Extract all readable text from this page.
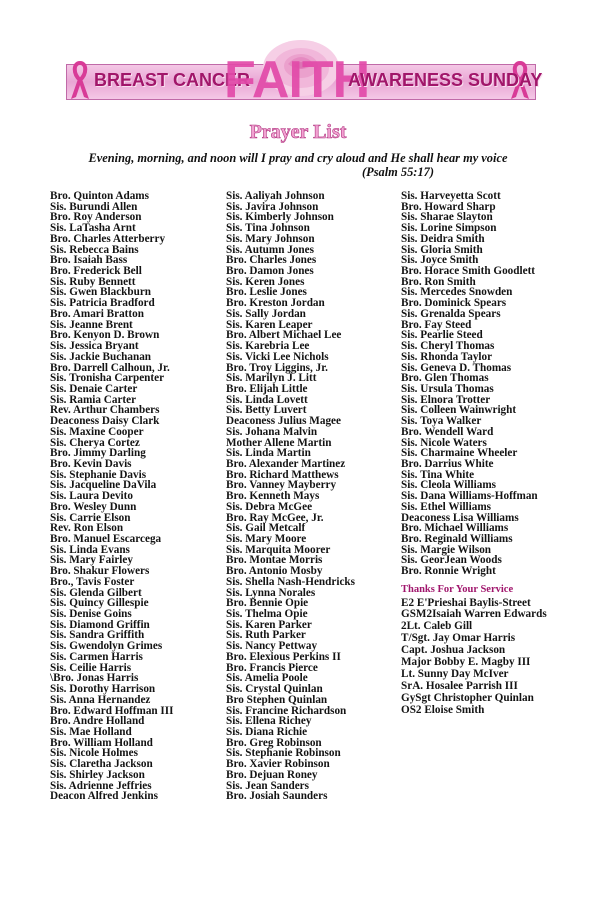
BREAST CANCER
FAITH
AWARENESS SUNDAY
Prayer List
Evening, morning, and noon will I pray and cry aloud and He shall hear my voice
(Psalm 55:17)
Bro. Quinton Adams
Sis. Burundi Allen
Bro. Roy Anderson
Sis. LaTasha Arnt
Bro. Charles Atterberry
Sis. Rebecca Bains
Bro. Isaiah Bass
Bro. Frederick Bell
Sis. Ruby Bennett
Sis. Gwen Blackburn
Sis. Patricia Bradford
Bro. Amari Bratton
Sis. Jeanne Brent
Bro. Kenyon D. Brown
Sis. Jessica Bryant
Sis. Jackie Buchanan
Bro. Darrell Calhoun, Jr.
Sis. Tronisha Carpenter
Sis. Denaie Carter
Sis. Ramia Carter
Rev. Arthur Chambers
Deaconess Daisy Clark
Sis. Maxine Cooper
Sis. Cherya Cortez
Bro. Jimmy Darling
Bro. Kevin Davis
Sis. Stephanie Davis
Sis. Jacqueline DaVila
Sis. Laura Devito
Bro. Wesley Dunn
Sis. Carrie Elson
Rev. Ron Elson
Bro. Manuel Escarcega
Sis. Linda Evans
Sis. Mary Fairley
Bro. Shakur Flowers
Bro., Tavis Foster
Sis. Glenda Gilbert
Sis. Quincy Gillespie
Sis. Denise Goins
Sis. Diamond Griffin
Sis. Sandra Griffith
Sis. Gwendolyn Grimes
Sis. Carmen Harris
Sis. Ceilie Harris
\Bro. Jonas Harris
Sis. Dorothy Harrison
Sis. Anna Hernandez
Bro. Edward Hoffman III
Bro. Andre Holland
Sis. Mae Holland
Bro. William Holland
Sis. Nicole Holmes
Sis. Claretha Jackson
Sis. Shirley Jackson
Sis. Adrienne Jeffries
Deacon Alfred Jenkins
Sis. Aaliyah Johnson
Sis. Javira Johnson
Sis. Kimberly Johnson
Sis. Tina Johnson
Sis. Mary Johnson
Sis. Autumn Jones
Bro. Charles Jones
Bro. Damon Jones
Sis. Keren Jones
Bro. Leslie Jones
Bro. Kreston Jordan
Sis. Sally Jordan
Sis. Karen Leaper
Bro. Albert Michael Lee
Sis. Karebria Lee
Sis. Vicki Lee Nichols
Bro. Troy Liggins, Jr.
Sis. Marilyn J. Litt
Bro. Elijah Little
Sis. Linda Lovett
Sis. Betty Luvert
Deaconess Julius Magee
Sis. Johana Malvin
Mother Allene Martin
Sis. Linda Martin
Bro. Alexander Martinez
Bro. Richard Matthews
Bro. Vanney Mayberry
Bro. Kenneth Mays
Sis. Debra McGee
Bro. Ray McGee, Jr.
Sis. Gail Metcalf
Sis. Mary Moore
Sis. Marquita Moorer
Bro. Montae Morris
Bro. Antonio Mosby
Sis. Shella Nash-Hendricks
Sis. Lynna Norales
Bro. Bennie Opie
Sis. Thelma Opie
Sis. Karen Parker
Sis. Ruth Parker
Sis. Nancy Pettway
Bro. Elexious Perkins II
Bro. Francis Pierce
Sis. Amelia Poole
Sis. Crystal Quinlan
Bro Stephen Quinlan
Sis. Francine Richardson
Sis. Ellena Richey
Sis. Diana Richie
Bro. Greg Robinson
Sis. Stephanie Robinson
Bro. Xavier Robinson
Bro. Dejuan Roney
Sis. Jean Sanders
Bro. Josiah Saunders
Sis. Harveyetta Scott
Bro. Howard Sharp
Sis. Sharae Slayton
Sis. Lorine Simpson
Sis. Deidra Smith
Sis. Gloria Smith
Sis. Joyce Smith
Bro. Horace Smith Goodlett
Bro. Ron Smith
Sis. Mercedes Snowden
Bro. Dominick Spears
Sis. Grenalda Spears
Bro. Fay Steed
Sis. Pearlie Steed
Sis. Cheryl Thomas
Sis. Rhonda Taylor
Sis. Geneva D. Thomas
Bro. Glen Thomas
Sis. Ursula Thomas
Sis. Elnora Trotter
Sis. Colleen Wainwright
Sis. Toya Walker
Bro. Wendell Ward
Sis. Nicole Waters
Sis. Charmaine Wheeler
Bro. Darrius White
Sis. Tina White
Sis. Cleola Williams
Sis. Dana Williams-Hoffman
Sis. Ethel Williams
Deaconess Lisa Williams
Bro. Michael Williams
Bro. Reginald Williams
Sis. Margie Wilson
Sis. GeorJean Woods
Bro. Ronnie Wright
Thanks For Your Service
E2 E'Prieshai Baylis-Street
GSM2Isaiah Warren Edwards
2Lt. Caleb Gill
T/Sgt. Jay Omar Harris
Capt. Joshua Jackson
Major Bobby E. Magby III
Lt. Sunny Day McIver
SrA. Hosalee Parrish III
GySgt Christopher Quinlan
OS2 Eloise Smith
